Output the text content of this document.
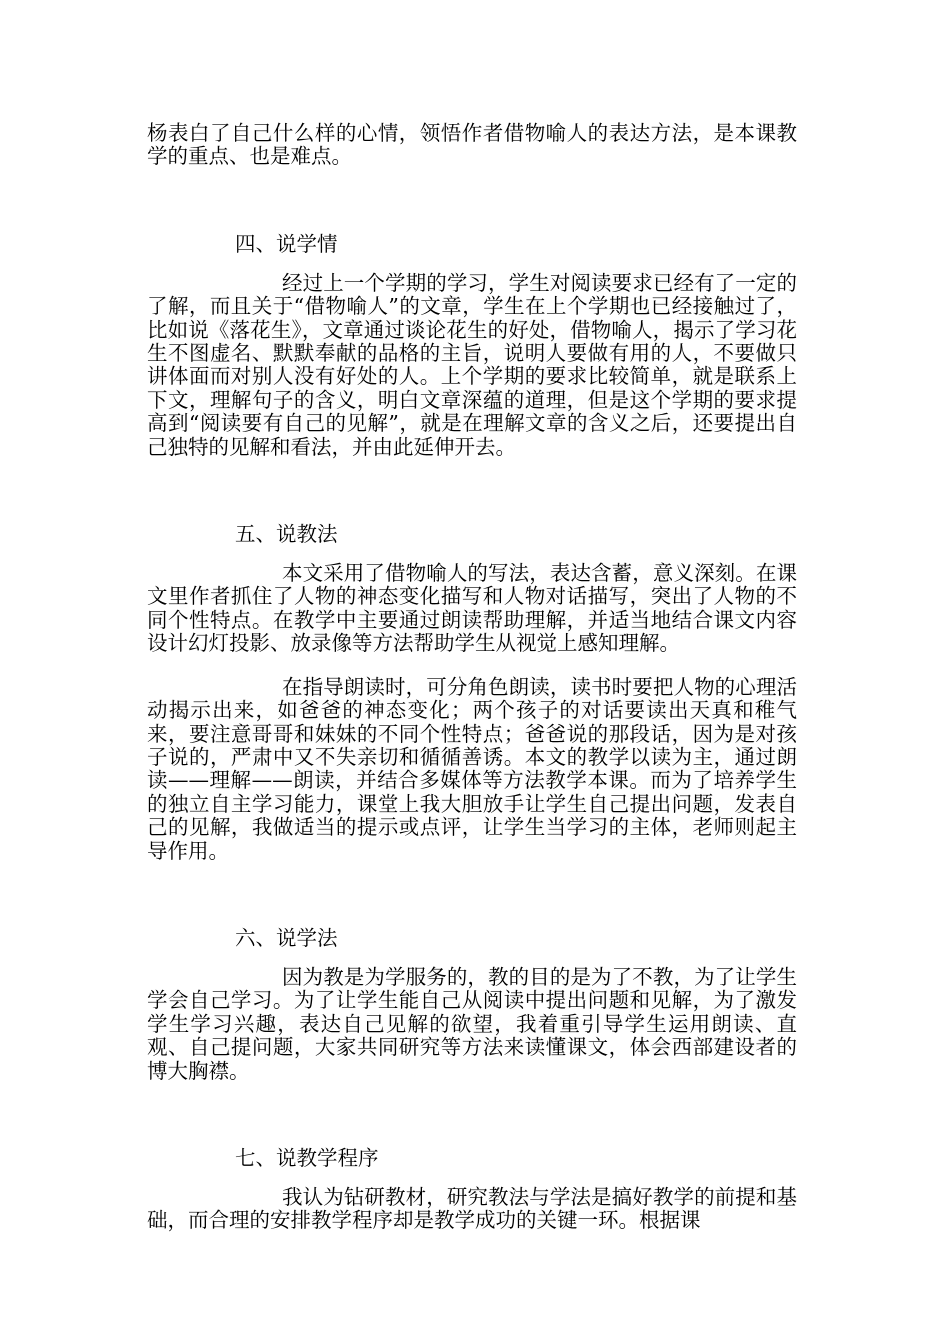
杨表白了自己什么样的心情，领悟作者借物喻人的表达方法，是本课教学的重点、也是难点。

四、说学情

经过上一个学期的学习，学生对阅读要求已经有了一定的了解，而且关于“借物喻人”的文章，学生在上个学期也已经接触过了，比如说《落花生》，文章通过谈论花生的好处，借物喻人，揭示了学习花生不图虚名、默默奉献的品格的主旨，说明人要做有用的人，不要做只讲体面而对别人没有好处的人。上个学期的要求比较简单，就是联系上下文，理解句子的含义，明白文章深蕴的道理，但是这个学期的要求提高到“阅读要有自己的见解”，就是在理解文章的含义之后，还要提出自己独特的见解和看法，并由此延伸开去。

五、说教法

本文采用了借物喻人的写法，表达含蓄，意义深刻。在课文里作者抓住了人物的神态变化描写和人物对话描写，突出了人物的不同个性特点。在教学中主要通过朗读帮助理解，并适当地结合课文内容设计幻灯投影、放录像等方法帮助学生从视觉上感知理解。

在指导朗读时，可分角色朗读，读书时要把人物的心理活动揭示出来，如爸爸的神态变化；两个孩子的对话要读出天真和稚气来，要注意哥哥和妹妹的不同个性特点；爸爸说的那段话，因为是对孩子说的，严肃中又不失亲切和循循善诱。本文的教学以读为主，通过朗读——理解——朗读，并结合多媒体等方法教学本课。而为了培养学生的独立自主学习能力，课堂上我大胆放手让学生自己提出问题，发表自己的见解，我做适当的提示或点评，让学生当学习的主体，老师则起主导作用。

六、说学法

因为教是为学服务的，教的目的是为了不教，为了让学生学会自己学习。为了让学生能自己从阅读中提出问题和见解，为了激发学生学习兴趣，表达自己见解的欲望，我着重引导学生运用朗读、直观、自己提问题，大家共同研究等方法来读懂课文，体会西部建设者的博大胸襟。

七、说教学程序

我认为钻研教材，研究教法与学法是搞好教学的前提和基础，而合理的安排教学程序却是教学成功的关键一环。根据课
